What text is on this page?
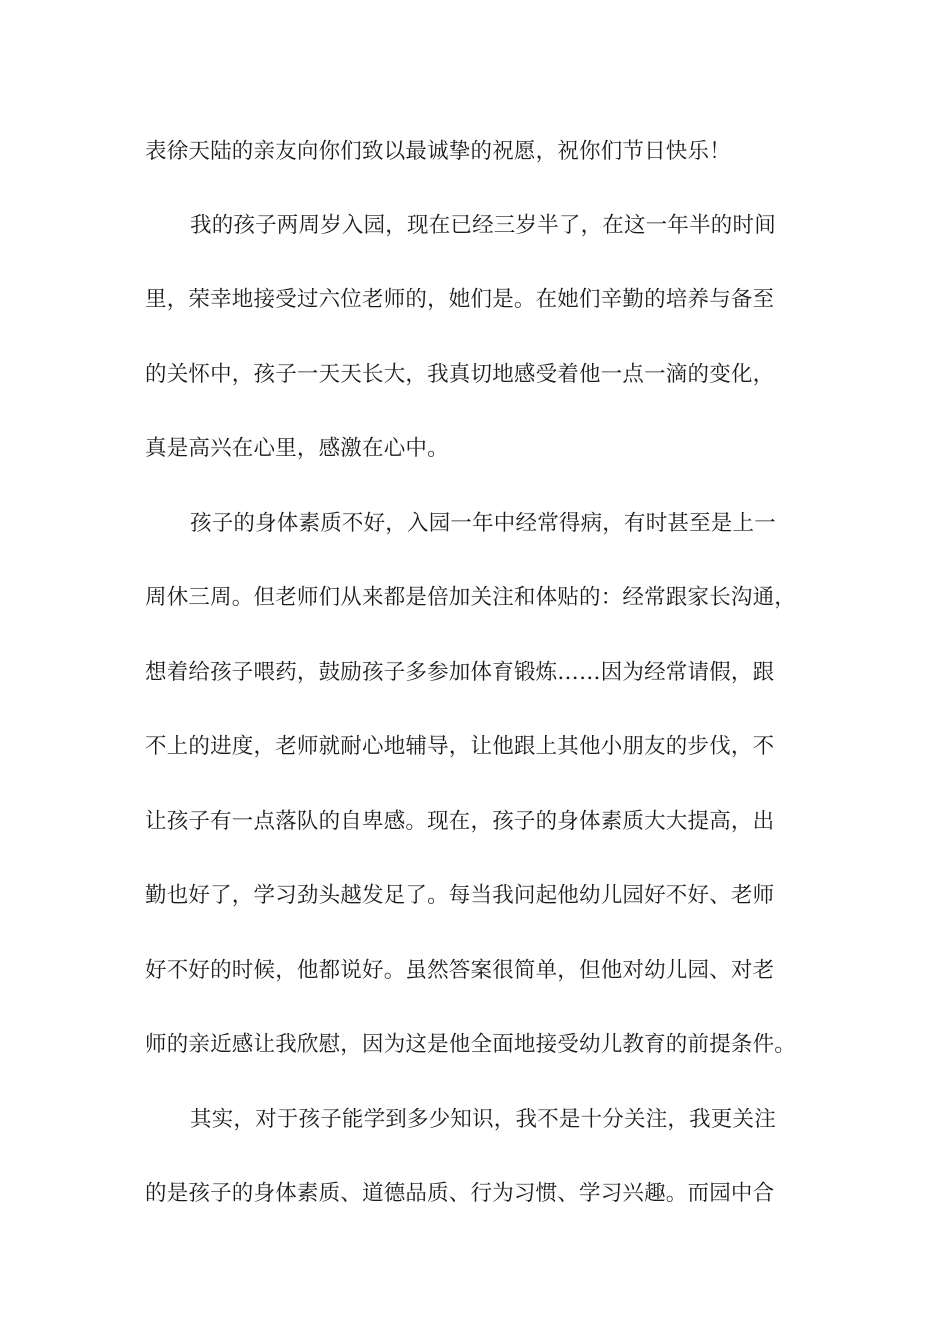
表徐天陆的亲友向你们致以最诚挚的祝愿，祝你们节日快乐！
我的孩子两周岁入园，现在已经三岁半了，在这一年半的时间
里，荣幸地接受过六位老师的，她们是。在她们辛勤的培养与备至
的关怀中，孩子一天天长大，我真切地感受着他一点一滴的变化，
真是高兴在心里，感激在心中。
孩子的身体素质不好，入园一年中经常得病，有时甚至是上一
周休三周。但老师们从来都是倍加关注和体贴的：经常跟家长沟通，
想着给孩子喂药，鼓励孩子多参加体育锻炼……因为经常请假，跟
不上的进度，老师就耐心地辅导，让他跟上其他小朋友的步伐，不
让孩子有一点落队的自卑感。现在，孩子的身体素质大大提高，出
勤也好了，学习劲头越发足了。每当我问起他幼儿园好不好、老师
好不好的时候，他都说好。虽然答案很简单，但他对幼儿园、对老
师的亲近感让我欣慰，因为这是他全面地接受幼儿教育的前提条件。
其实，对于孩子能学到多少知识，我不是十分关注，我更关注
的是孩子的身体素质、道德品质、行为习惯、学习兴趣。而园中合
